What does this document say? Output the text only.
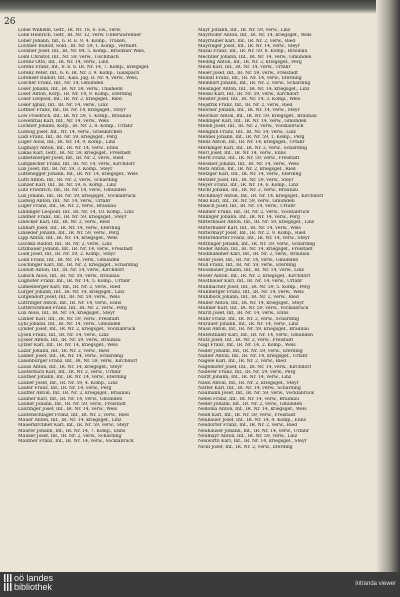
26
Löbel Wilhelm, Gefr., IR. Nr. 18, 6. Ew., verw.
Lobe Heinrich, Gefr., IR. Nr. 12, verw. Unterwarenner
Lober Johann, Inf., 6. R. E. 9, 4. Komp., Traxen.
Lochner Rudolf, Sold., IR. Nr. 59, 1. Komp., vermißt.
Lockner Josef, Inf., IR. Nr. 84, 5. Komp., Bruckner Wels,
Loibl Christof, Inf., Nr. 59, verw., Tischlbach
Lorenz Otto, Inf., IR. Nr. 14, verw., Linz.
Lorenz Franz, Inf., 6. 6. 6. IR. Nr. 14, 7. Komp., kriegsgef.
Lorenz Peter, Inf., 6. 6. IR. Nr. 3, 9. Komp., Gallspach
Lorenzer Rudolf, Inf., Kais. Jäg. R. Nr. 4, verw., Wels,
Löscher Franz, Inf., Nr. 14, Gmunden
Loser Johann, Inf., IR. Nr. 59, verw., Thalheim
Loser Anton, Korp., IR. Nr. 14, 9. Komp., Eferding
Loser Leopold, Inf., IR. Nr. 2, kriegsgef., Ried
Loser Ignaz, Inf., IR. Nr. 14, verw., Linz
Lottner Franz, Inf., IR. Nr. 14, kriegsgef., Steyr
Löw Friedrich, Inf., IR. Nr. 59, 1. Komp., Braunau
Löwenthal Karl, Inf., Nr. 14, verw., Wels
Luckner Johann, Korp., IR. Nr. 2, 8. Komp., Urfahr
Ludwig Josef, Inf., Nr. 14, verw., Grieskirchen
Ludl Franz, Inf., IR. Nr. 59, kriegsgef., Perg
Luger Alois, Inf., IR. Nr. 14, 9. Komp., Linz
Lugmayr Anton, Inf., IR. Nr. 14, verw., Enns
Lukas Karl, Gefr., IR. Nr. 59, kriegsgef., Freistadt
Lumetsberger Josef, Inf., IR. Nr. 2, verw., Ried
Lumplecker Franz, Inf., IR. Nr. 14, verw., Kirchdorf
Lux Josef, Inf., IR. Nr. 59, 3. Komp., Steyr
Lüftenegger Johann, Inf., IR. Nr. 14, kriegsgef., Wels
Lüftl Anton, Inf., IR. Nr. 2, verw., Schärding
Lunzer Karl, Inf., IR. Nr. 59, 6. Komp., Linz
Lutz Friedrich, Inf., IR. Nr. 14, verw., Gmunden
Lux Johann, Inf., IR. Nr. 59, kriegsgef., Vöcklabruck
Lüdwig Anton, Inf., Nr. 14, verw., Urfahr
Lüger Franz, Inf., IR. Nr. 2, verw., Braunau
Lindinger Leopold, Inf., IR. Nr. 14, 10. Komp., Linz
Lindner Franz, Inf., IR. Nr. 59, kriegsgef., Steyr
Linecker Karl, Inf., IR. Nr. 2, verw., Ried
Linhart Josef, Inf., IR. Nr. 14, verw., Eferding
Linseder Johann, Inf., IR. Nr. 59, verw., Perg
Lipp Anton, Inf., IR. Nr. 14, kriegsgef., Wels
Lischka Rudolf, Inf., IR. Nr. 2, verw., Linz
Litzlbauer Johann, Inf., IR. Nr. 14, verw., Freistadt
Loidl Josef, Inf., IR. Nr. 59, 2. Komp., Steyr
Loibl Franz, Inf., IR. Nr. 14, verw., Gmunden
Loichinger Karl, Inf., IR. Nr. 2, kriegsgef., Schärding
Loidolt Anton, Inf., IR. Nr. 14, verw., Kirchdorf
Luksch Alois, Inf., IR. Nr. 59, verw., Braunau
Lughofer Franz, Inf., IR. Nr. 14, 5. Komp., Urfahr
Lumesberger Karl, Inf., IR. Nr. 2, verw., Ried
Lurger Johann, Inf., IR. Nr. 14, kriegsgef., Linz
Lütgendorf Josef, Inf., IR. Nr. 59, verw., Wels
Lüttringer Anton, Inf., IR. Nr. 14, verw., Enns
Lutterschmied Franz, Inf., IR. Nr. 2, verw., Perg
Lux Alois, Inf., IR. Nr. 14, kriegsgef., Steyr
Luxner Karl, Inf., IR. Nr. 59, verw., Freistadt
Lybl Johann, Inf., IR. Nr. 14, verw., Gmunden
Lynder Josef, Inf., IR. Nr. 2, kriegsgef., Vöcklabruck
Lysek Franz, Inf., IR. Nr. 14, verw., Linz
Lysser Anton, Inf., IR. Nr. 59, verw., Braunau
Lytzer Karl, Inf., IR. Nr. 14, kriegsgef., Wels
Lazar Johann, Inf., IR. Nr. 2, verw., Ried
Laxner Josef, Inf., IR. Nr. 14, verw., Schärding
Laxenburger Franz, Inf., IR. Nr. 59, verw., Kirchdorf
Lauss Anton, Inf., IR. Nr. 14, kriegsgef., Steyr
Lauterbach Karl, Inf., IR. Nr. 2, verw., Urfahr
Lautner Johann, Inf., IR. Nr. 14, verw., Eferding
Lauber Josef, Inf., IR. Nr. 59, 4. Komp., Linz
Laufer Franz, Inf., IR. Nr. 14, verw., Perg
Lauffer Anton, Inf., IR. Nr. 2, kriegsgef., Braunau
Laumer Karl, Inf., IR. Nr. 14, verw., Gmunden
Launer Johann, Inf., IR. Nr. 59, verw., Freistadt
Lauringer Josef, Inf., IR. Nr. 14, verw., Wels
Lautenschlager Franz, Inf., IR. Nr. 2, verw., Ried
Mauer Anton, Inf., IR. Nr. 14, kriegsgef., Linz
Mauerkirchner Karl, Inf., IR. Nr. 59, verw., Steyr
Maurer Johann, Inf., IR. Nr. 14, 7. Komp., Enns
Mauser Josef, Inf., IR. Nr. 2, verw., Schärding
Mautner Franz, Inf., IR. Nr. 14, verw., Vöcklabruck
Mayr Johann, Inf., IR. Nr. 59, verw., Linz
Mayrhofer Anton, Inf., IR. Nr. 14, kriegsgef., Wels
Mayrhuber Karl, Inf., IR. Nr. 2, verw., Ried
Mayringer Josef, Inf., IR. Nr. 14, verw., Steyr
Mazal Franz, Inf., IR. Nr. 59, 8. Komp., Braunau
Mechtler Johann, Inf., IR. Nr. 14, verw., Gmunden
Meding Anton, Inf., IR. Nr. 2, kriegsgef., Perg
Meidl Karl, Inf., IR. Nr. 14, verw., Urfahr
Meier Josef, Inf., IR. Nr. 59, verw., Freistadt
Meindl Franz, Inf., IR. Nr. 14, verw., Eferding
Meinhart Johann, Inf., IR. Nr. 2, verw., Schärding
Meisinger Anton, Inf., IR. Nr. 14, kriegsgef., Linz
Meissl Karl, Inf., IR. Nr. 59, verw., Kirchdorf
Meister Josef, Inf., IR. Nr. 14, 3. Komp., Wels
Mejstrik Franz, Inf., IR. Nr. 2, verw., Ried
Melcher Johann, Inf., IR. Nr. 14, verw., Steyr
Melchior Anton, Inf., IR. Nr. 59, kriegsgef., Braunau
Mellinger Karl, Inf., IR. Nr. 14, verw., Gmunden
Mendl Josef, Inf., IR. Nr. 2, verw., Vöcklabruck
Menghin Franz, Inf., IR. Nr. 14, verw., Linz
Mennel Johann, Inf., IR. Nr. 59, 1. Komp., Perg
Menz Anton, Inf., IR. Nr. 14, kriegsgef., Urfahr
Merkinger Karl, Inf., IR. Nr. 2, verw., Schärding
Merl Josef, Inf., IR. Nr. 14, verw., Enns
Mertl Franz, Inf., IR. Nr. 59, verw., Freistadt
Messner Johann, Inf., IR. Nr. 14, verw., Wels
Metz Anton, Inf., IR. Nr. 2, kriegsgef., Ried
Metzger Karl, Inf., IR. Nr. 14, verw., Eferding
Metzler Josef, Inf., IR. Nr. 59, verw., Steyr
Meyer Franz, Inf., IR. Nr. 14, 6. Komp., Linz
Michl Johann, Inf., IR. Nr. 2, verw., Braunau
Michlmayr Anton, Inf., IR. Nr. 14, kriegsgef., Kirchdorf
Mikl Karl, Inf., IR. Nr. 59, verw., Gmunden
Miksch Josef, Inf., IR. Nr. 14, verw., Urfahr
Mildner Franz, Inf., IR. Nr. 2, verw., Vöcklabruck
Millinger Johann, Inf., IR. Nr. 14, verw., Perg
Mitterbauer Anton, Inf., IR. Nr. 59, kriegsgef., Linz
Mitterhuber Karl, Inf., IR. Nr. 14, verw., Wels
Mittermayr Josef, Inf., IR. Nr. 2, 9. Komp., Ried
Mitterndorfer Franz, Inf., IR. Nr. 14, verw., Steyr
Mittlinger Johann, Inf., IR. Nr. 59, verw., Schärding
Moder Anton, Inf., IR. Nr. 14, kriegsgef., Freistadt
Mödlhammer Karl, Inf., IR. Nr. 2, verw., Braunau
Mohr Josef, Inf., IR. Nr. 14, verw., Gmunden
Moll Franz, Inf., IR. Nr. 59, verw., Eferding
Moosbauer Johann, Inf., IR. Nr. 14, verw., Linz
Moser Anton, Inf., IR. Nr. 2, kriegsgef., Kirchdorf
Mostbauer Karl, Inf., IR. Nr. 14, verw., Urfahr
Mühlbacher Josef, Inf., IR. Nr. 59, 5. Komp., Perg
Mühlberger Franz, Inf., IR. Nr. 14, verw., Wels
Mühlböck Johann, Inf., IR. Nr. 2, verw., Ried
Müller Anton, Inf., IR. Nr. 14, kriegsgef., Steyr
Müllner Karl, Inf., IR. Nr. 59, verw., Vöcklabruck
Mürzl Josef, Inf., IR. Nr. 14, verw., Enns
Muhr Franz, Inf., IR. Nr. 2, verw., Schärding
Murauer Johann, Inf., IR. Nr. 14, verw., Linz
Musil Anton, Inf., IR. Nr. 59, kriegsgef., Braunau
Mutenthaler Karl, Inf., IR. Nr. 14, verw., Gmunden
Mutz Josef, Inf., IR. Nr. 2, verw., Freistadt
Nagl Franz, Inf., IR. Nr. 14, 2. Komp., Wels
Nader Johann, Inf., IR. Nr. 59, verw., Eferding
Nadler Anton, Inf., IR. Nr. 14, kriegsgef., Urfahr
Nagele Karl, Inf., IR. Nr. 2, verw., Ried
Nagelhofer Josef, Inf., IR. Nr. 14, verw., Kirchdorf
Naderer Franz, Inf., IR. Nr. 59, verw., Perg
Narzt Johann, Inf., IR. Nr. 14, verw., Linz
Nassl Anton, Inf., IR. Nr. 2, kriegsgef., Steyr
Natter Karl, Inf., IR. Nr. 14, verw., Schärding
Naumann Josef, Inf., IR. Nr. 59, verw., Vöcklabruck
Nebel Franz, Inf., IR. Nr. 14, verw., Braunau
Neder Johann, Inf., IR. Nr. 2, verw., Gmunden
Nedoma Anton, Inf., IR. Nr. 14, kriegsgef., Wels
Neidl Karl, Inf., IR. Nr. 59, verw., Freistadt
Neubauer Josef, Inf., IR. Nr. 14, 4. Komp., Enns
Neudorfer Franz, Inf., IR. Nr. 2, verw., Ried
Neuhauser Johann, Inf., IR. Nr. 14, verw., Urfahr
Neumayr Anton, Inf., IR. Nr. 59, verw., Linz
Neuwirth Karl, Inf., IR. Nr. 14, kriegsgef., Steyr
Nickl Josef, Inf., IR. Nr. 2, verw., Eferding
oö landes
bibliothek	intranda viewer
